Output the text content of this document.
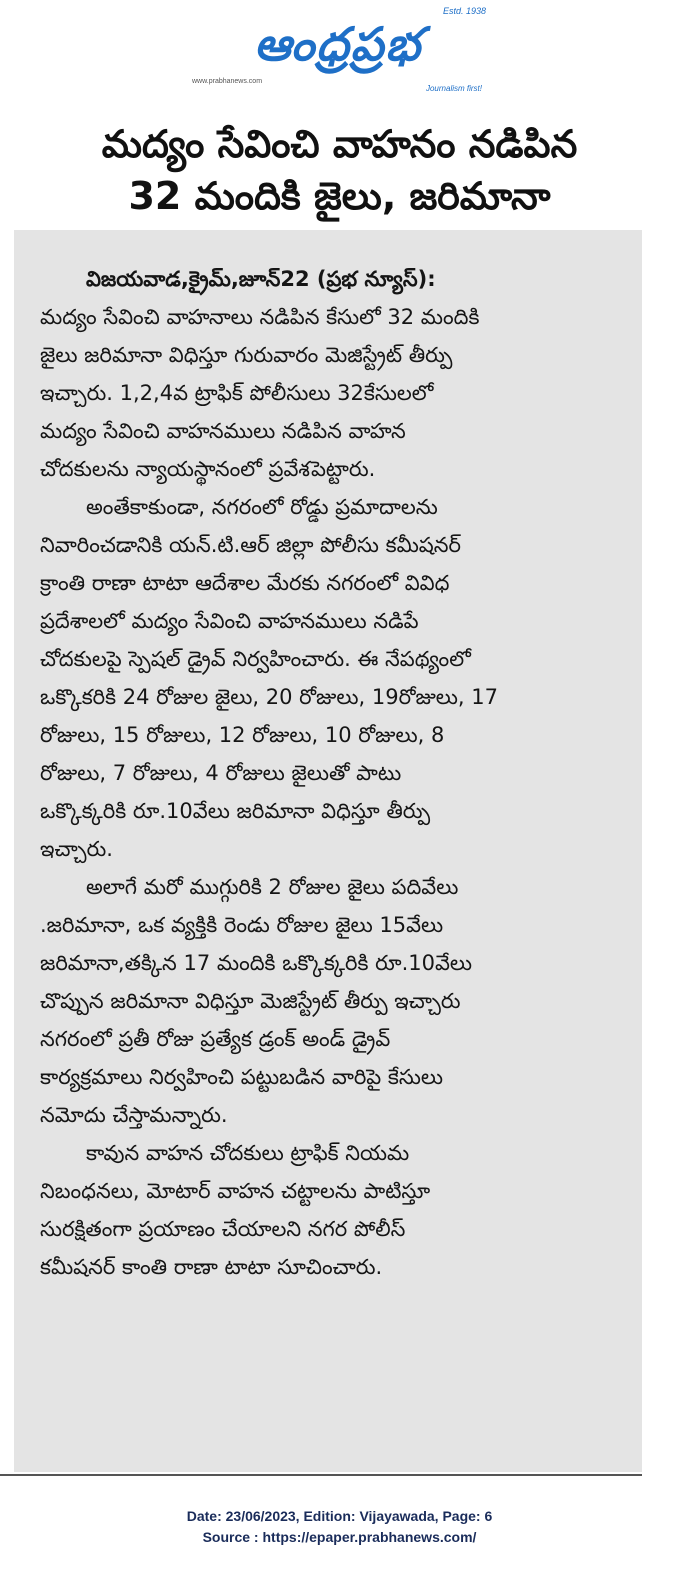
ఆంధ్రప్రభ
Estd. 1938
www.prabhanews.com
Journalism first!
మద్యం సేవించి వాహనం నడిపిన
32 మందికి జైలు, జరిమానా

విజయవాడ,క్రైమ్,జూన్22 (ప్రభ న్యూస్):
మద్యం సేవించి వాహనాలు నడిపిన కేసులో 32 మందికి
జైలు జరిమానా విధిస్తూ గురువారం మెజిస్ట్రేట్ తీర్పు
ఇచ్చారు. 1,2,4వ ట్రాఫిక్ పోలీసులు 32కేసులలో
మద్యం సేవించి వాహనములు నడిపిన వాహన
చోదకులను న్యాయస్థానంలో ప్రవేశపెట్టారు.

అంతేకాకుండా, నగరంలో రోడ్డు ప్రమాదాలను
నివారించడానికి యన్.టి.ఆర్ జిల్లా పోలీసు కమీషనర్
క్రాంతి రాణా టాటా ఆదేశాల మేరకు నగరంలో వివిధ
ప్రదేశాలలో మద్యం సేవించి వాహనములు నడిపే
చోదకులపై స్పెషల్ డ్రైవ్ నిర్వహించారు. ఈ నేపథ్యంలో
ఒక్కొకరికి 24 రోజుల జైలు, 20 రోజులు, 19రోజులు, 17
రోజులు, 15 రోజులు, 12 రోజులు, 10 రోజులు, 8
రోజులు, 7 రోజులు, 4 రోజులు జైలుతో పాటు
ఒక్కొక్కరికి రూ.10వేలు జరిమానా విధిస్తూ తీర్పు
ఇచ్చారు.

అలాగే మరో ముగ్గురికి 2 రోజుల జైలు పదివేలు
.జరిమానా, ఒక వ్యక్తికి రెండు రోజుల జైలు 15వేలు
జరిమానా,తక్కిన 17 మందికి ఒక్కొక్కరికి రూ.10వేలు
చొప్పున జరిమానా విధిస్తూ మెజిస్ట్రేట్ తీర్పు ఇచ్చారు
నగరంలో ప్రతీ రోజు ప్రత్యేక డ్రంక్ అండ్ డ్రైవ్
కార్యక్రమాలు నిర్వహించి పట్టుబడిన వారిపై కేసులు
నమోదు చేస్తామన్నారు.

కావున వాహన చోదకులు ట్రాఫిక్ నియమ
నిబంధనలు, మోటార్ వాహన చట్టాలను పాటిస్తూ
సురక్షితంగా ప్రయాణం చేయాలని నగర పోలీస్
కమీషనర్ కాంతి రాణా టాటా సూచించారు.

Date: 23/06/2023, Edition: Vijayawada, Page: 6
Source : https://epaper.prabhanews.com/
